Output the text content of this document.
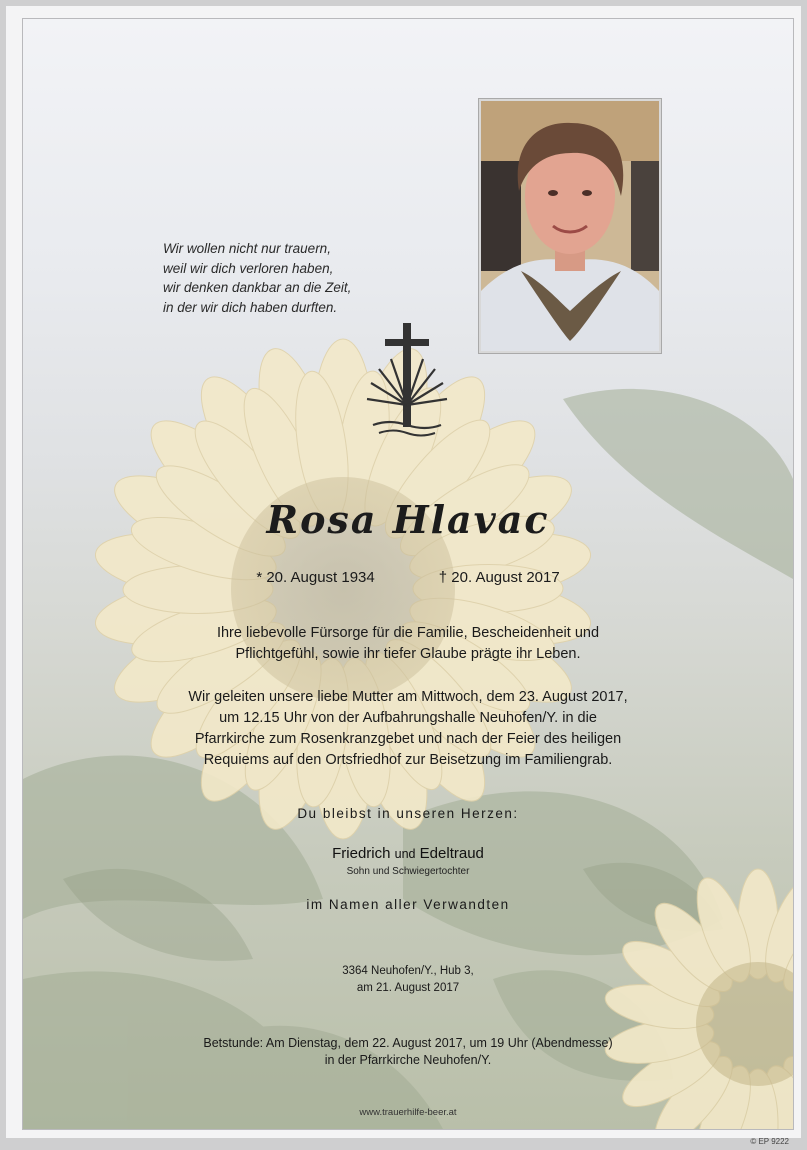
Wir wollen nicht nur trauern,
weil wir dich verloren haben,
wir denken dankbar an die Zeit,
in der wir dich haben durften.

Rosa Hlavac
* 20. August 1934	† 20. August 2017

Ihre liebevolle Fürsorge für die Familie, Bescheidenheit und
Pflichtgefühl, sowie ihr tiefer Glaube prägte ihr Leben.

Wir geleiten unsere liebe Mutter am Mittwoch, dem 23. August 2017,
um 12.15 Uhr von der Aufbahrungshalle Neuhofen/Y. in die
Pfarrkirche zum Rosenkranzgebet und nach der Feier des heiligen
Requiems auf den Ortsfriedhof zur Beisetzung im Familiengrab.

Du bleibst in unseren Herzen:

Friedrich und Edeltraud
Sohn und Schwiegertochter

im Namen aller Verwandten

3364 Neuhofen/Y., Hub 3,
am 21. August 2017

Betstunde: Am Dienstag, dem 22. August 2017, um 19 Uhr (Abendmesse)
in der Pfarrkirche Neuhofen/Y.

www.trauerhilfe-beer.at
© EP 9222
